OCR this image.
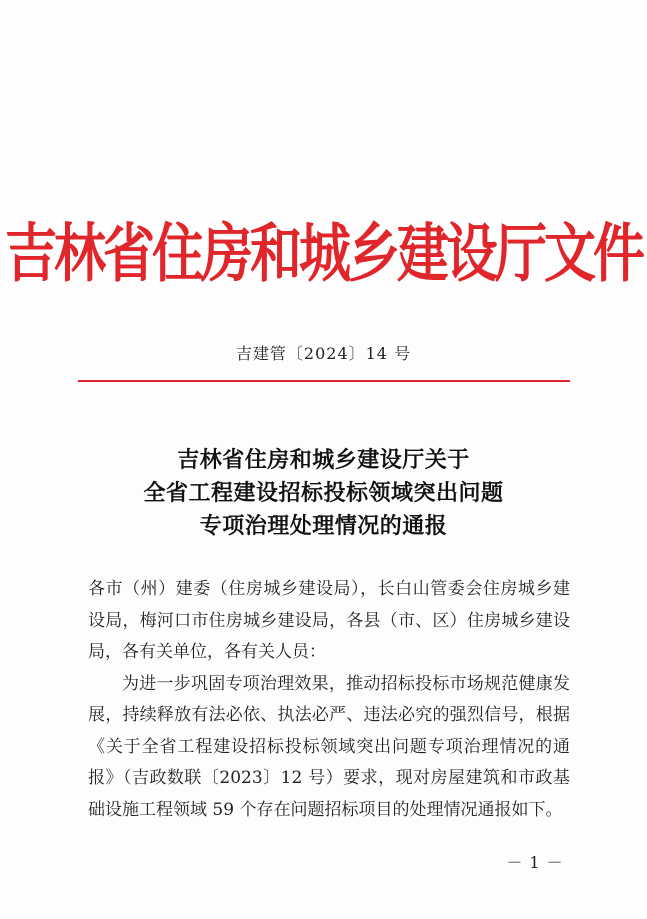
吉林省住房和城乡建设厅文件
吉建管〔2024〕14 号
吉林省住房和城乡建设厅关于
全省工程建设招标投标领域突出问题
专项治理处理情况的通报

各市（州）建委（住房城乡建设局），长白山管委会住房城乡建设局，梅河口市住房城乡建设局，各县（市、区）住房城乡建设局，各有关单位，各有关人员：

为进一步巩固专项治理效果，推动招标投标市场规范健康发展，持续释放有法必依、执法必严、违法必究的强烈信号，根据《关于全省工程建设招标投标领域突出问题专项治理情况的通报》（吉政数联〔2023〕12 号）要求，现对房屋建筑和市政基础设施工程领域 59 个存在问题招标项目的处理情况通报如下。

－ 1 －
